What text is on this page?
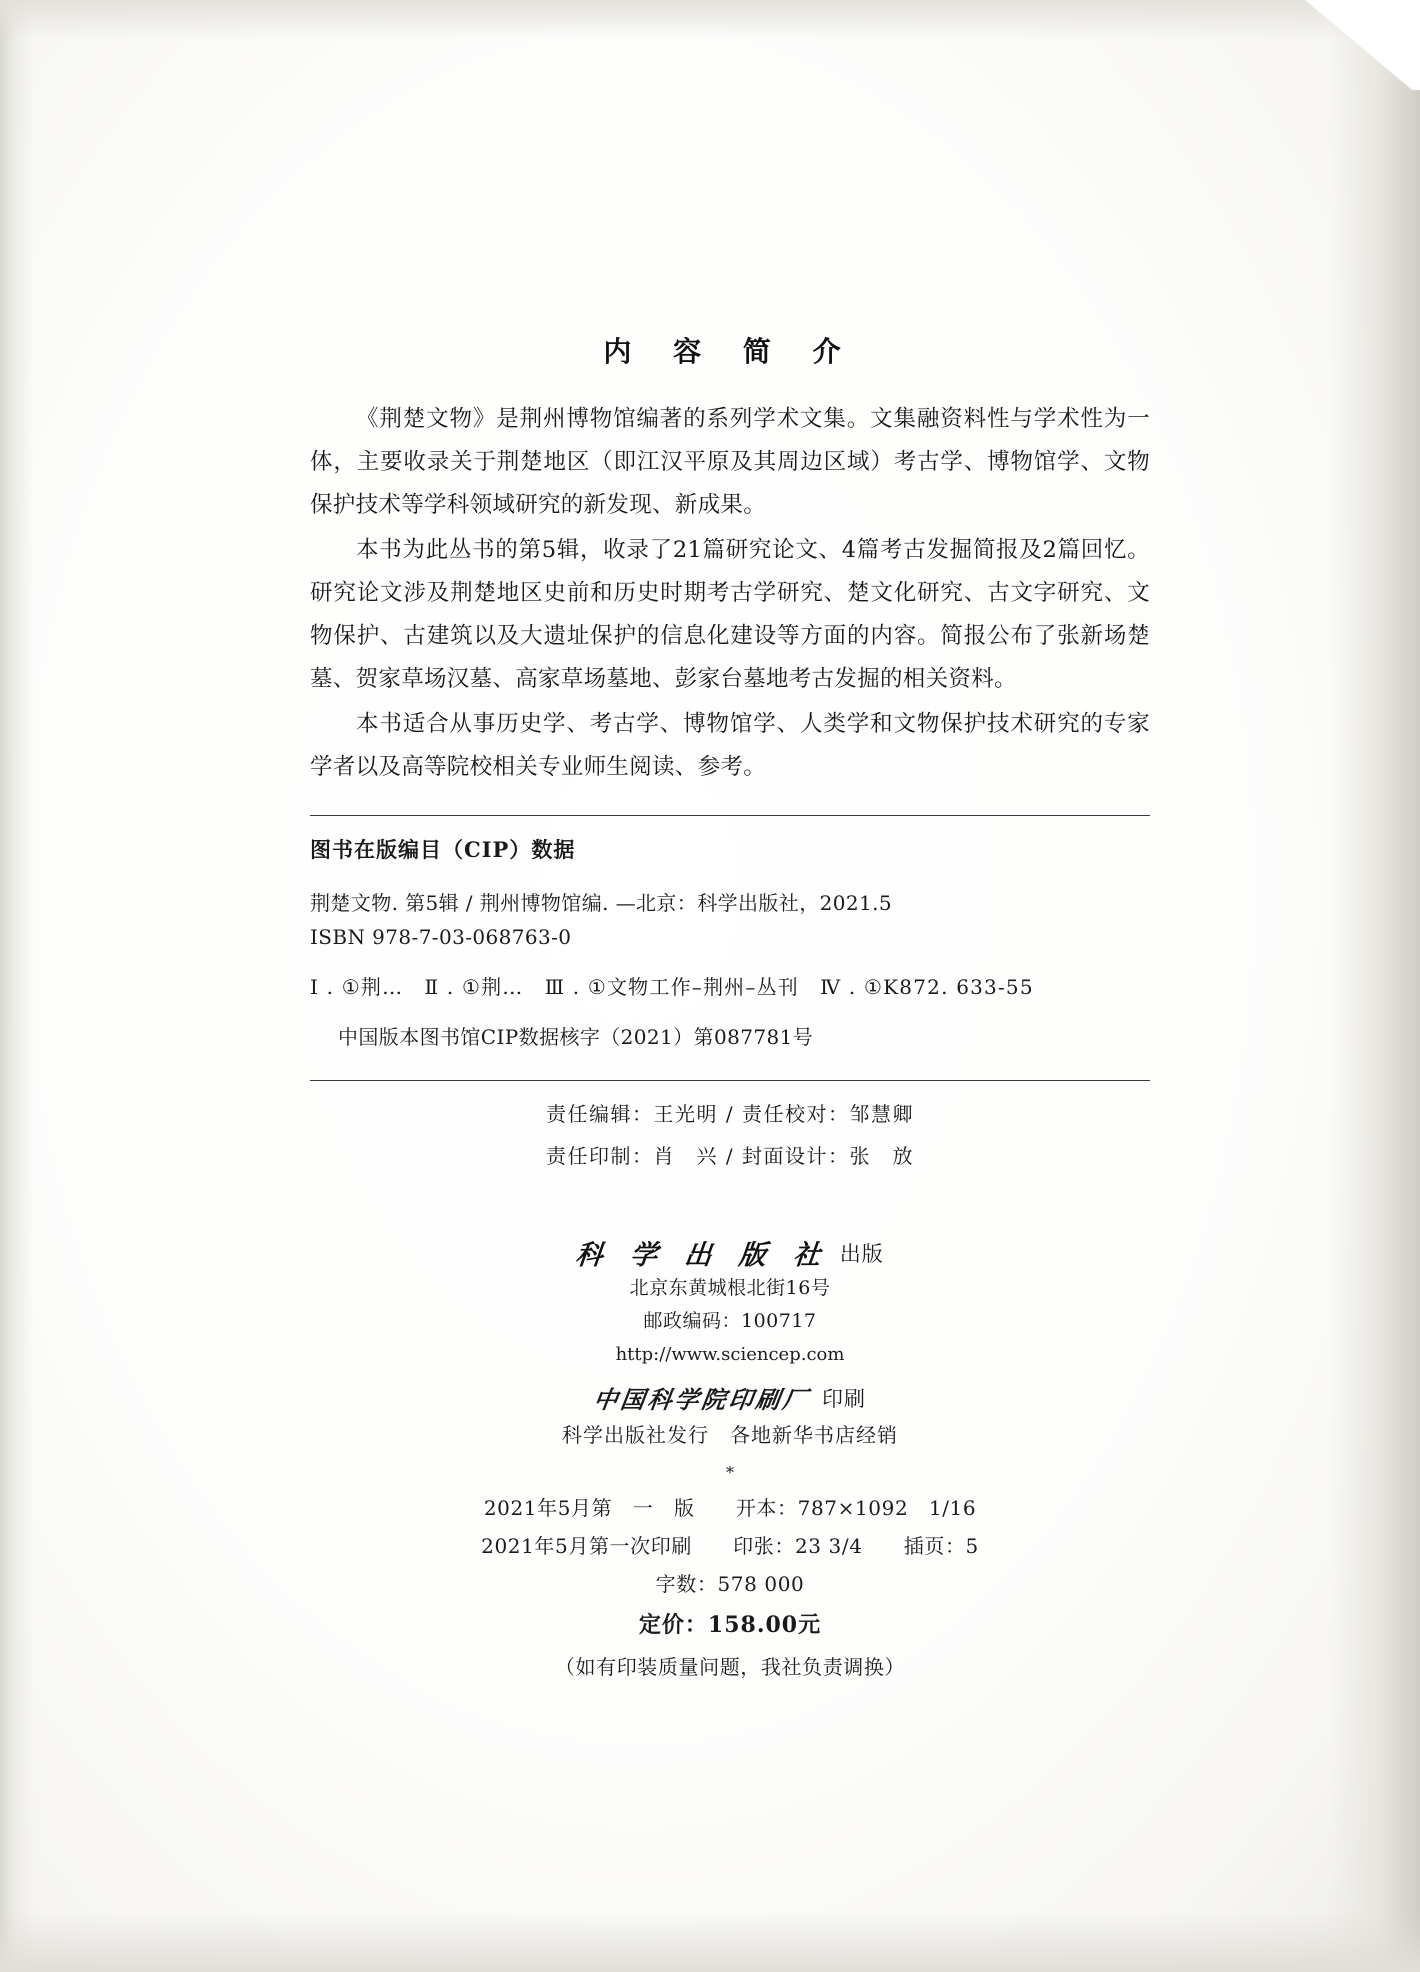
内 容 简 介

《荆楚文物》是荆州博物馆编著的系列学术文集。文集融资料性与学术性为一体，主要收录关于荆楚地区（即江汉平原及其周边区域）考古学、博物馆学、文物保护技术等学科领域研究的新发现、新成果。

本书为此丛书的第5辑，收录了21篇研究论文、4篇考古发掘简报及2篇回忆。研究论文涉及荆楚地区史前和历史时期考古学研究、楚文化研究、古文字研究、文物保护、古建筑以及大遗址保护的信息化建设等方面的内容。简报公布了张新场楚墓、贺家草场汉墓、高家草场墓地、彭家台墓地考古发掘的相关资料。

本书适合从事历史学、考古学、博物馆学、人类学和文物保护技术研究的专家学者以及高等院校相关专业师生阅读、参考。

图书在版编目（CIP）数据
荆楚文物. 第5辑 / 荆州博物馆编. —北京：科学出版社，2021.5
ISBN 978-7-03-068763-0
Ⅰ . ①荆…　Ⅱ . ①荆…　Ⅲ . ①文物工作–荆州–丛刊　Ⅳ . ①K872. 633-55
中国版本图书馆CIP数据核字（2021）第087781号
责任编辑：王光明 / 责任校对：邹慧卿
责任印制：肖　兴 / 封面设计：张　放
科 学 出 版 社 出版
北京东黄城根北街16号
邮政编码：100717
http://www.sciencep.com
中国科学院印刷厂 印刷
科学出版社发行　各地新华书店经销
*
2021年5月第　一　版　　开本：787×1092　1/16
2021年5月第一次印刷　　印张：23 3/4　　插页：5
字数：578 000
定价：158.00元
（如有印装质量问题，我社负责调换）
